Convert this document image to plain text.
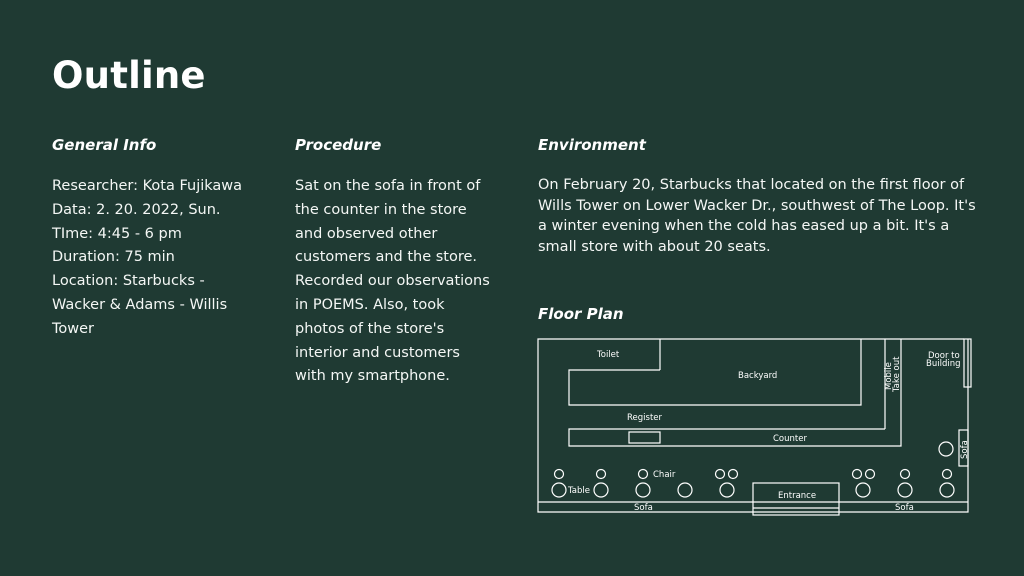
Outline
General Info
Researcher: Kota Fujikawa
Data: 2. 20. 2022, Sun.
TIme: 4:45 - 6 pm
Duration: 75 min
Location: Starbucks -
Wacker & Adams - Willis
Tower
Procedure
Sat on the sofa in front of
the counter in the store
and observed other
customers and the store.
Recorded our observations
in POEMS. Also, took
photos of the store's
interior and customers
with my smartphone.
Environment

On February 20, Starbucks that located on the first floor of Wills Tower on Lower Wacker Dr., southwest of The Loop. It's a winter evening when the cold has eased up a bit. It's a small store with about 20 seats.

Floor Plan
Toilet
Backyard	Mobile
Take out
Door to
Building
Register
Counter
Sofa
Chair
Table	Entrance
Sofa	Sofa
